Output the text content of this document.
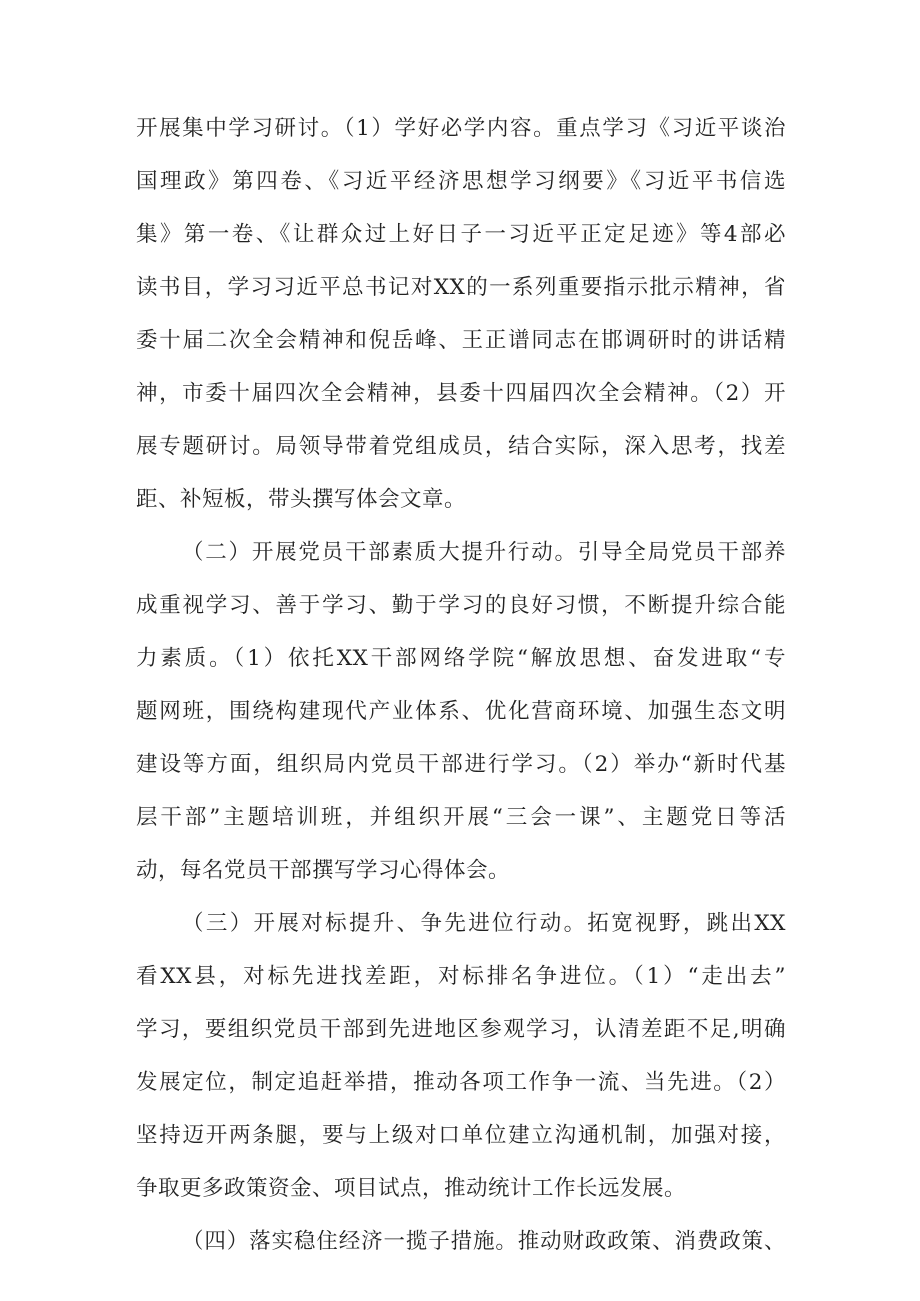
开展集中学习研讨。（1）学好必学内容。重点学习《习近平谈治
国理政》第四卷、《习近平经济思想学习纲要》《习近平书信选
集》第一卷、《让群众过上好日子一习近平正定足迹》等4部必
读书目，学习习近平总书记对XX的一系列重要指示批示精神，省
委十届二次全会精神和倪岳峰、王正谱同志在邯调研时的讲话精
神，市委十届四次全会精神，县委十四届四次全会精神。（2）开
展专题研讨。局领导带着党组成员，结合实际，深入思考，找差
距、补短板，带头撰写体会文章。
（二）开展党员干部素质大提升行动。引导全局党员干部养
成重视学习、善于学习、勤于学习的良好习惯，不断提升综合能
力素质。（1）依托XX干部网络学院“解放思想、奋发进取“专
题网班，围绕构建现代产业体系、优化营商环境、加强生态文明
建设等方面，组织局内党员干部进行学习。（2）举办“新时代基
层干部”主题培训班，并组织开展“三会一课”、主题党日等活
动，每名党员干部撰写学习心得体会。
（三）开展对标提升、争先进位行动。拓宽视野，跳出XX
看XX县，对标先进找差距，对标排名争进位。（1）“走出去”
学习，要组织党员干部到先进地区参观学习，认清差距不足,明确
发展定位，制定追赶举措，推动各项工作争一流、当先进。（2）
坚持迈开两条腿，要与上级对口单位建立沟通机制，加强对接，
争取更多政策资金、项目试点，推动统计工作长远发展。
（四）落实稳住经济一揽子措施。推动财政政策、消费政策、
